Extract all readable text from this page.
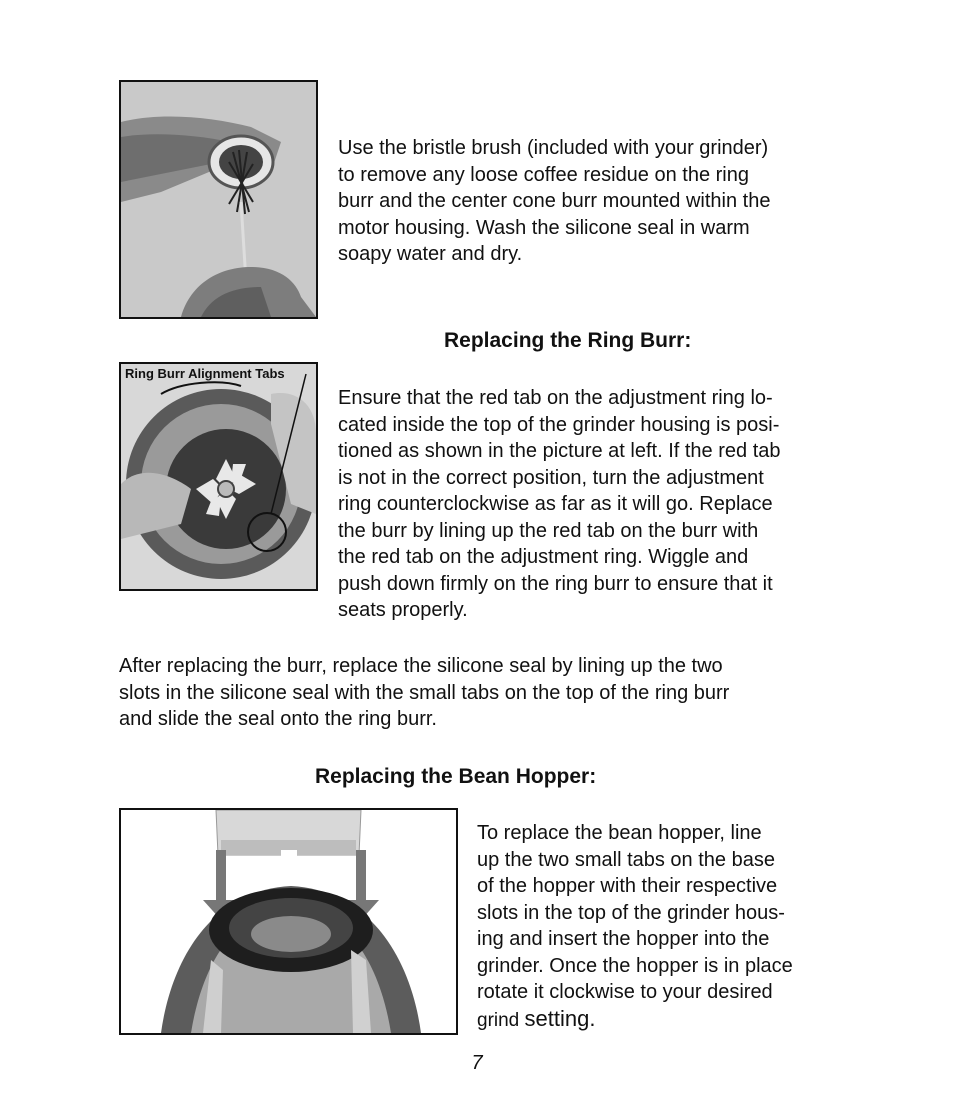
Use the bristle brush (included with your grinder)
to remove any loose coffee residue on the ring
burr and the center cone burr mounted within the
motor housing. Wash the silicone seal in warm
soapy water and dry.

Replacing the Ring Burr:
Ring Burr Alignment Tabs

Ensure that the red tab on the adjustment ring lo-
cated inside the top of the grinder housing is posi-
tioned as shown in the picture at left. If the red tab
is not in the correct position, turn the adjustment
ring counterclockwise as far as it will go. Replace
the burr by lining up the red tab on the burr with
the red tab on the adjustment ring. Wiggle and
push down firmly on the ring burr to ensure that it
seats properly.

After replacing the burr, replace the silicone seal by lining up the two
slots in the silicone seal with the small tabs on the top of the ring burr
and slide the seal onto the ring burr.

Replacing the Bean Hopper:

To replace the bean hopper, line
up the two small tabs on the base
of the hopper with their respective
slots in the top of the grinder hous-
ing and insert the hopper into the
grinder. Once the hopper is in place
rotate it clockwise to your desired
grind setting.

7
